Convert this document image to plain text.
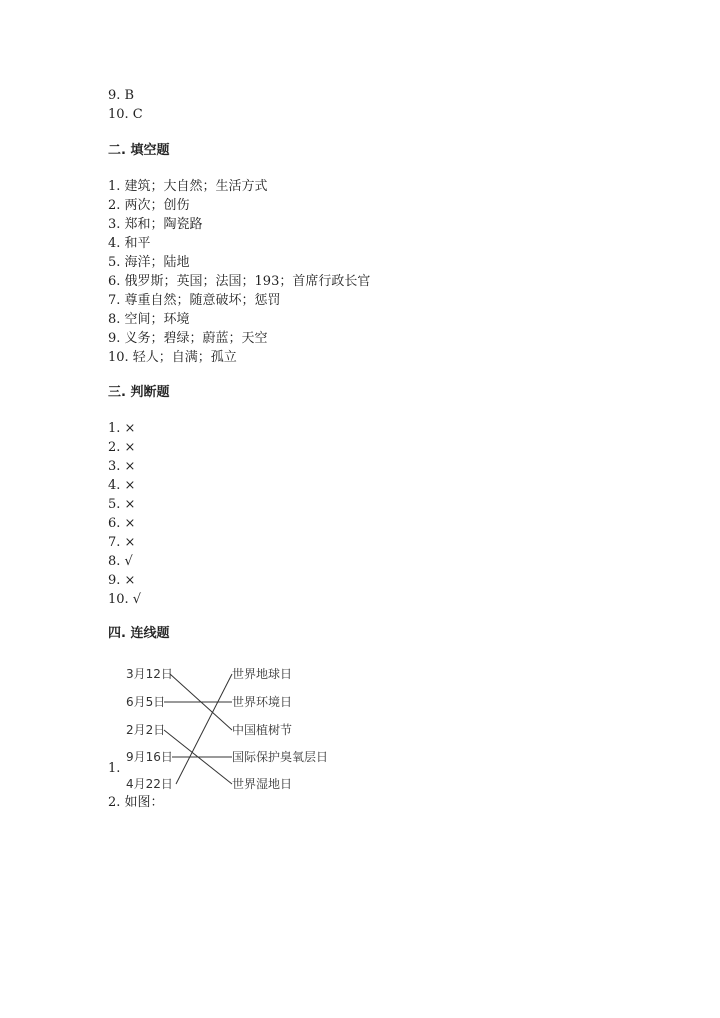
9. B
10. C
二. 填空题
1. 建筑；大自然；生活方式
2. 两次；创伤
3. 郑和；陶瓷路
4. 和平
5. 海洋；陆地
6. 俄罗斯；英国；法国；193；首席行政长官
7. 尊重自然；随意破坏；惩罚
8. 空间；环境
9. 义务；碧绿；蔚蓝；天空
10. 轻人；自满；孤立
三. 判断题
1. ×
2. ×
3. ×
4. ×
5. ×
6. ×
7. ×
8. √
9. ×
10. √
四. 连线题
3月12日
6月5日
2月2日
9月16日
4月22日
世界地球日
世界环境日
中国植树节
国际保护臭氧层日
世界湿地日
1.
2. 如图：
